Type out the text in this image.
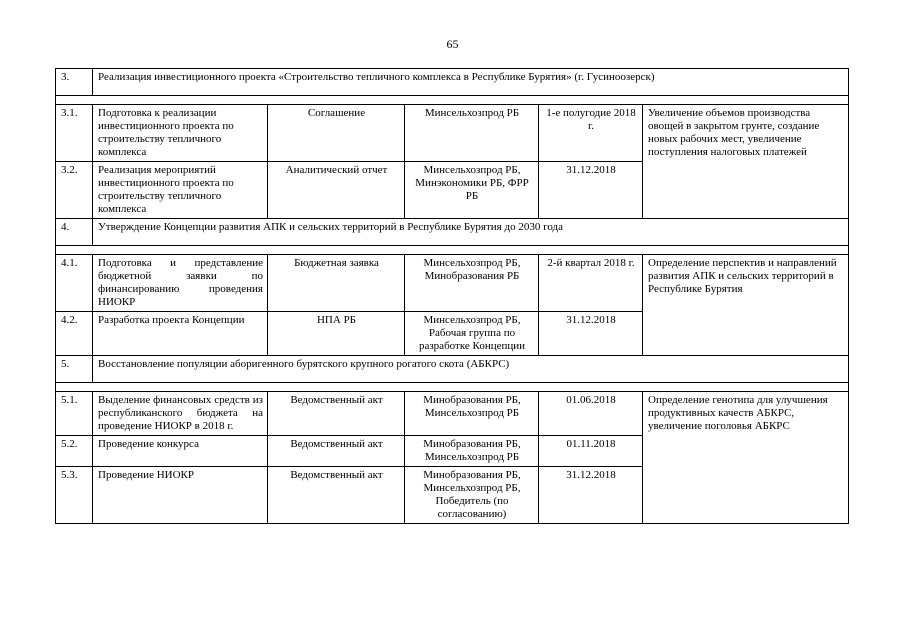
65
3.	Реализация инвестиционного проекта «Строительство тепличного комплекса в Республике Бурятия» (г. Гусиноозерск)				

3.1.	Подготовка к реализации инвестиционного проекта по строительству тепличного комплекса	Соглашение	Минсельхозпрод РБ	1-е полугодие 2018 г.	Увеличение объемов производства овощей в закрытом грунте, создание новых рабочих мест, увеличение поступления налоговых платежей
3.2.	Реализация мероприятий инвестиционного проекта по строительству тепличного комплекса	Аналитический отчет	Минсельхозпрод РБ, Минэкономики РБ, ФРР РБ	31.12.2018	
4.	Утверждение Концепции развития АПК и сельских территорий в Республике Бурятия до 2030 года				

4.1.	Подготовка и представление бюджетной заявки по финансированию проведения НИОКР	Бюджетная заявка	Минсельхозпрод РБ, Минобразования РБ	2-й квартал 2018 г.	Определение перспектив и направлений развития АПК и сельских территорий в Республике Бурятия
4.2.	Разработка проекта Концепции	НПА РБ	Минсельхозпрод РБ, Рабочая группа по разработке Концепции	31.12.2018	
5.	Восстановление популяции аборигенного бурятского крупного рогатого скота (АБКРС)				

5.1.	Выделение финансовых средств из республиканского бюджета на проведение НИОКР в 2018 г.	Ведомственный акт	Минобразования РБ, Минсельхозпрод РБ	01.06.2018	Определение генотипа для улучшения продуктивных качеств АБКРС, увеличение поголовья АБКРС
5.2.	Проведение конкурса	Ведомственный акт	Минобразования РБ, Минсельхозпрод РБ	01.11.2018	
5.3.	Проведение НИОКР	Ведомственный акт	Минобразования РБ, Минсельхозпрод РБ, Победитель (по согласованию)	31.12.2018	
